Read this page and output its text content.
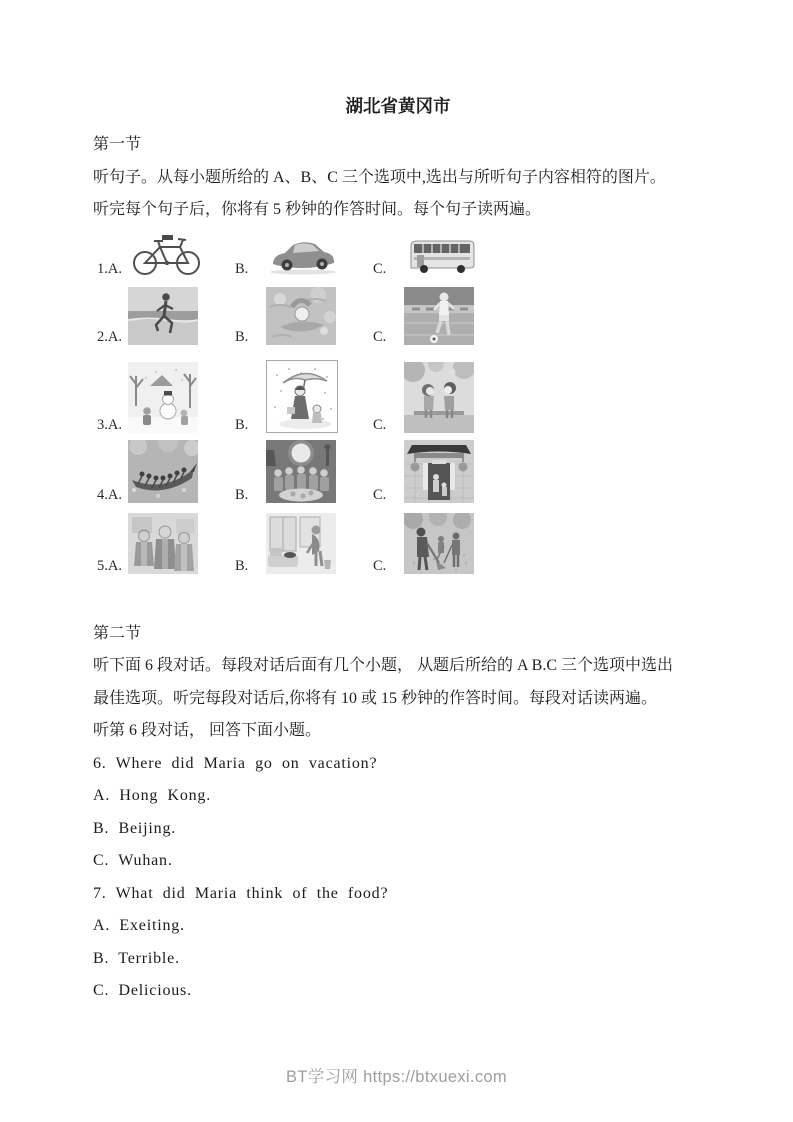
湖北省黄冈市

第一节

听句子。从每小题所给的 A、B、C 三个选项中,选出与所听句子内容相符的图片。

听完每个句子后，你将有 5 秒钟的作答时间。每个句子读两遍。

1.A.	B.	C.
2.A.	B.	C.
3.A.	B.	C.
4.A.	B.	C.
5.A.	B.	C.

第二节

听下面 6 段对话。每段对话后面有几个小题， 从题后所给的 A B.C 三个选项中选出

最佳选项。听完每段对话后,你将有 10 或 15 秒钟的作答时间。每段对话读两遍。

听第 6 段对话， 回答下面小题。

6. Where did Maria go on vacation?

A. Hong Kong.

B. Beijing.

C. Wuhan.

7. What did Maria think of the food?

A. Exeiting.

B. Terrible.

C. Delicious.

BT学习网 https://btxuexi.com
